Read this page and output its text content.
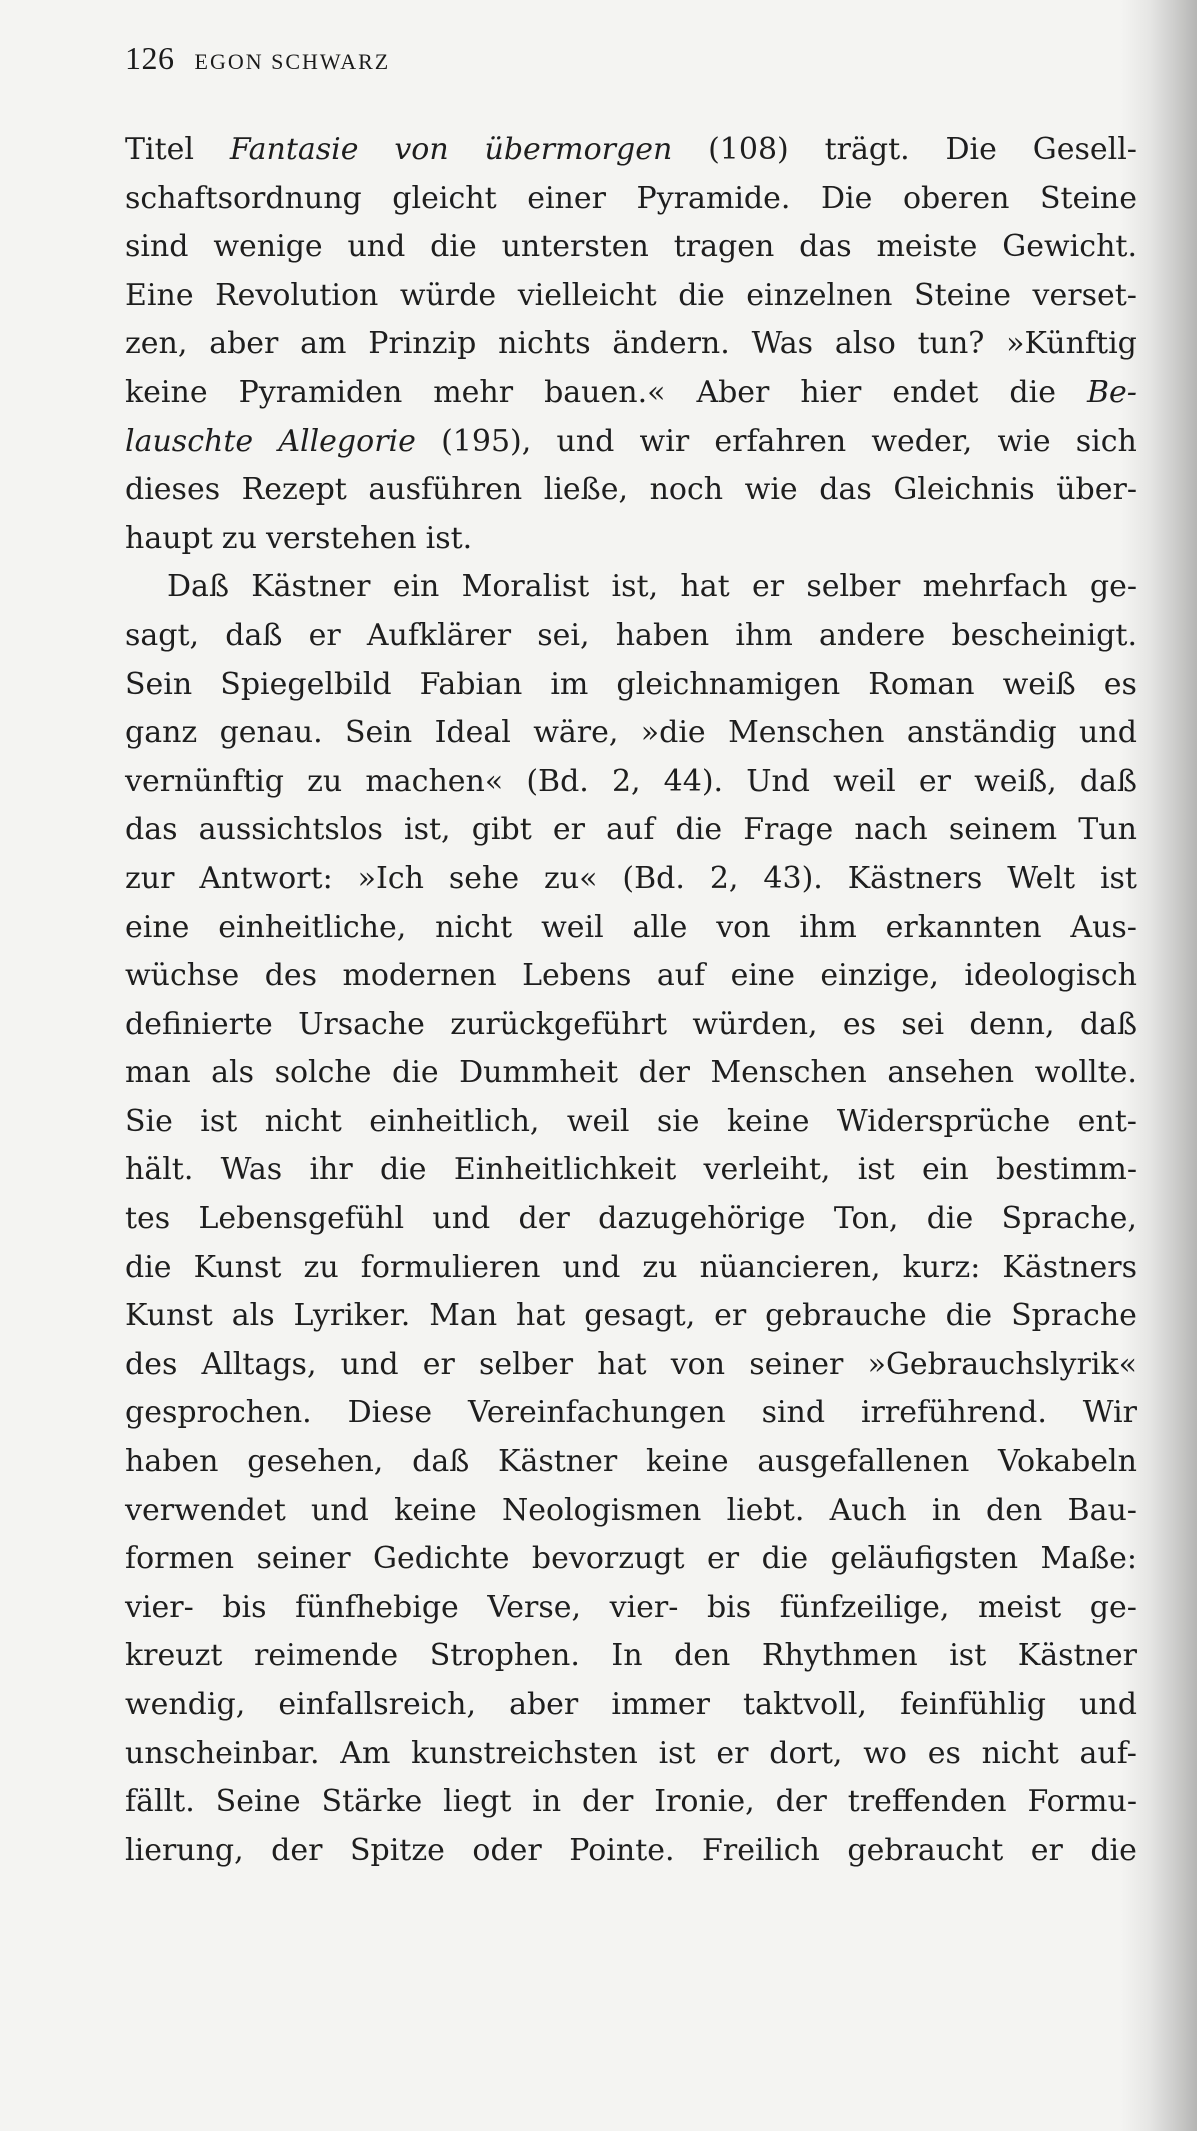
126 EGON SCHWARZ
Titel Fantasie von übermorgen (108) trägt. Die Gesell-
schaftsordnung gleicht einer Pyramide. Die oberen Steine
sind wenige und die untersten tragen das meiste Gewicht.
Eine Revolution würde vielleicht die einzelnen Steine verset-
zen, aber am Prinzip nichts ändern. Was also tun? »Künftig
keine Pyramiden mehr bauen.« Aber hier endet die Be-
lauschte Allegorie (195), und wir erfahren weder, wie sich
dieses Rezept ausführen ließe, noch wie das Gleichnis über-
haupt zu verstehen ist.
Daß Kästner ein Moralist ist, hat er selber mehrfach ge-
sagt, daß er Aufklärer sei, haben ihm andere bescheinigt.
Sein Spiegelbild Fabian im gleichnamigen Roman weiß es
ganz genau. Sein Ideal wäre, »die Menschen anständig und
vernünftig zu machen« (Bd. 2, 44). Und weil er weiß, daß
das aussichtslos ist, gibt er auf die Frage nach seinem Tun
zur Antwort: »Ich sehe zu« (Bd. 2, 43). Kästners Welt ist
eine einheitliche, nicht weil alle von ihm erkannten Aus-
wüchse des modernen Lebens auf eine einzige, ideologisch
definierte Ursache zurückgeführt würden, es sei denn, daß
man als solche die Dummheit der Menschen ansehen wollte.
Sie ist nicht einheitlich, weil sie keine Widersprüche ent-
hält. Was ihr die Einheitlichkeit verleiht, ist ein bestimm-
tes Lebensgefühl und der dazugehörige Ton, die Sprache,
die Kunst zu formulieren und zu nüancieren, kurz: Kästners
Kunst als Lyriker. Man hat gesagt, er gebrauche die Sprache
des Alltags, und er selber hat von seiner »Gebrauchslyrik«
gesprochen. Diese Vereinfachungen sind irreführend. Wir
haben gesehen, daß Kästner keine ausgefallenen Vokabeln
verwendet und keine Neologismen liebt. Auch in den Bau-
formen seiner Gedichte bevorzugt er die geläufigsten Maße:
vier- bis fünfhebige Verse, vier- bis fünfzeilige, meist ge-
kreuzt reimende Strophen. In den Rhythmen ist Kästner
wendig, einfallsreich, aber immer taktvoll, feinfühlig und
unscheinbar. Am kunstreichsten ist er dort, wo es nicht auf-
fällt. Seine Stärke liegt in der Ironie, der treffenden Formu-
lierung, der Spitze oder Pointe. Freilich gebraucht er die
